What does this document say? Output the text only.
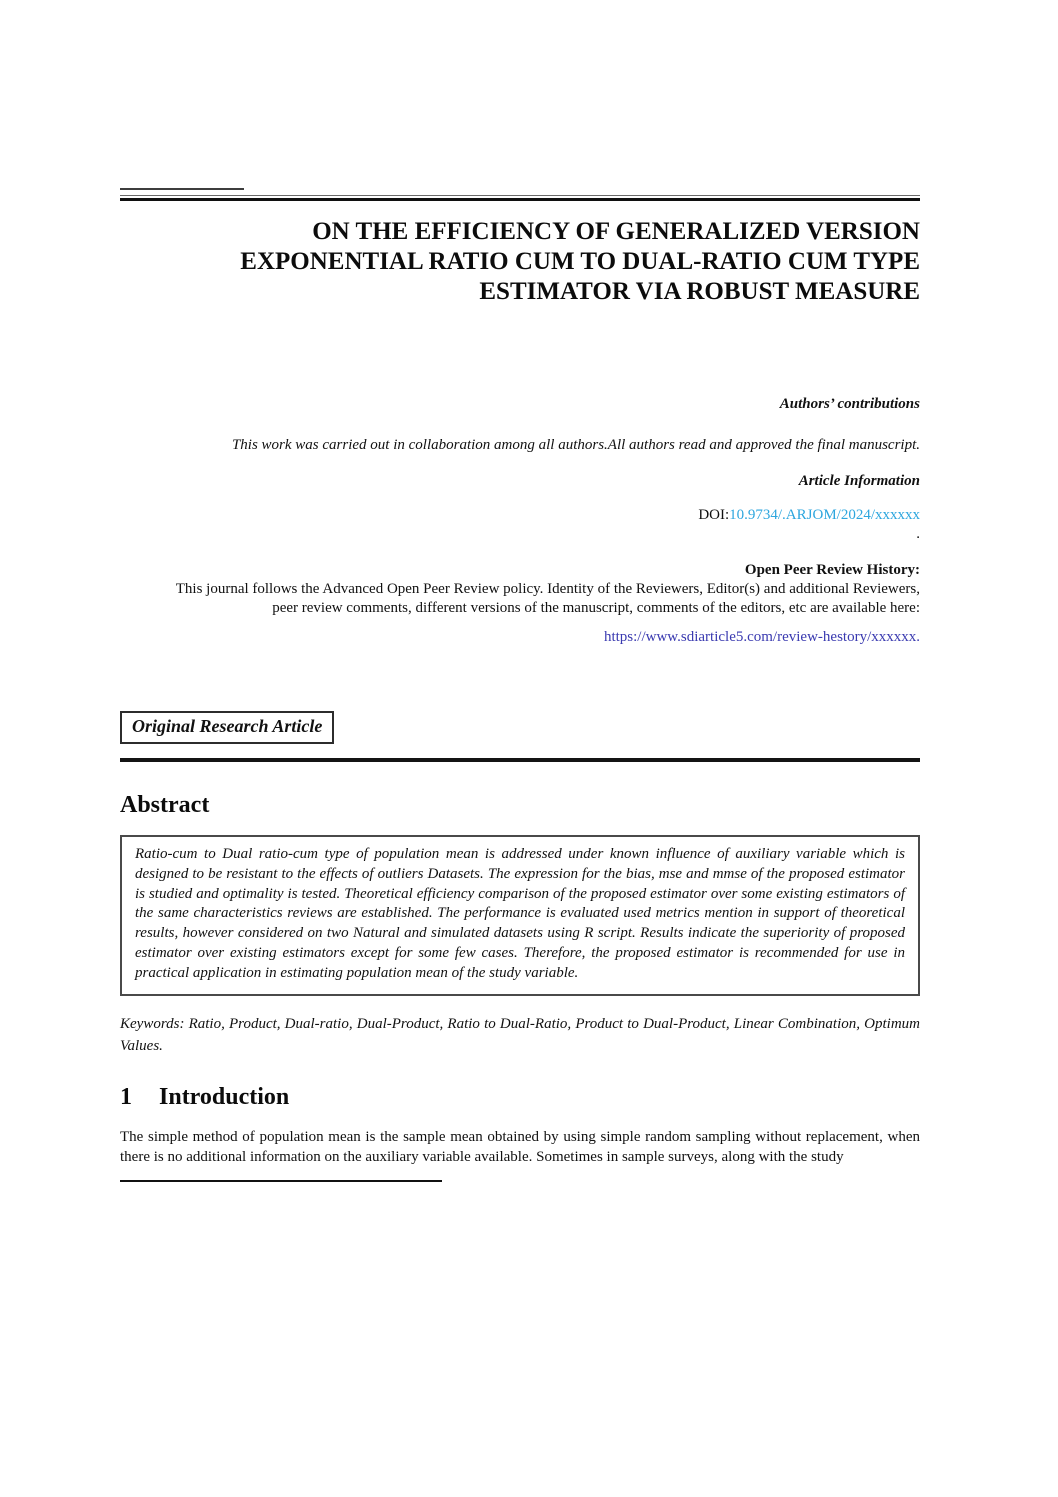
ON THE EFFICIENCY OF GENERALIZED VERSION
EXPONENTIAL RATIO CUM TO DUAL-RATIO CUM TYPE
ESTIMATOR VIA ROBUST MEASURE

Authors’ contributions

This work was carried out in collaboration among all authors.All authors read and approved the final manuscript.

Article Information

DOI:10.9734/.ARJOM/2024/xxxxxx

.

Open Peer Review History:

This journal follows the Advanced Open Peer Review policy. Identity of the Reviewers, Editor(s) and additional Reviewers,

peer review comments, different versions of the manuscript, comments of the editors, etc are available here:

https://www.sdiarticle5.com/review-hestory/xxxxxx.

Original Research Article
Abstract
Ratio-cum to Dual ratio-cum type of population mean is addressed under known influence of auxiliary variable which is designed to be resistant to the effects of outliers Datasets. The expression for the bias, mse and mmse of the proposed estimator is studied and optimality is tested. Theoretical efficiency comparison of the proposed estimator over some existing estimators of the same characteristics reviews are established. The performance is evaluated used metrics mention in support of theoretical results, however considered on two Natural and simulated datasets using R script. Results indicate the superiority of proposed estimator over existing estimators except for some few cases. Therefore, the proposed estimator is recommended for use in practical application in estimating population mean of the study variable.

Keywords: Ratio, Product, Dual-ratio, Dual-Product, Ratio to Dual-Ratio, Product to Dual-Product, Linear Combination, Optimum Values.

1 Introduction

The simple method of population mean is the sample mean obtained by using simple random sampling without replacement, when there is no additional information on the auxiliary variable available. Sometimes in sample surveys, along with the study
